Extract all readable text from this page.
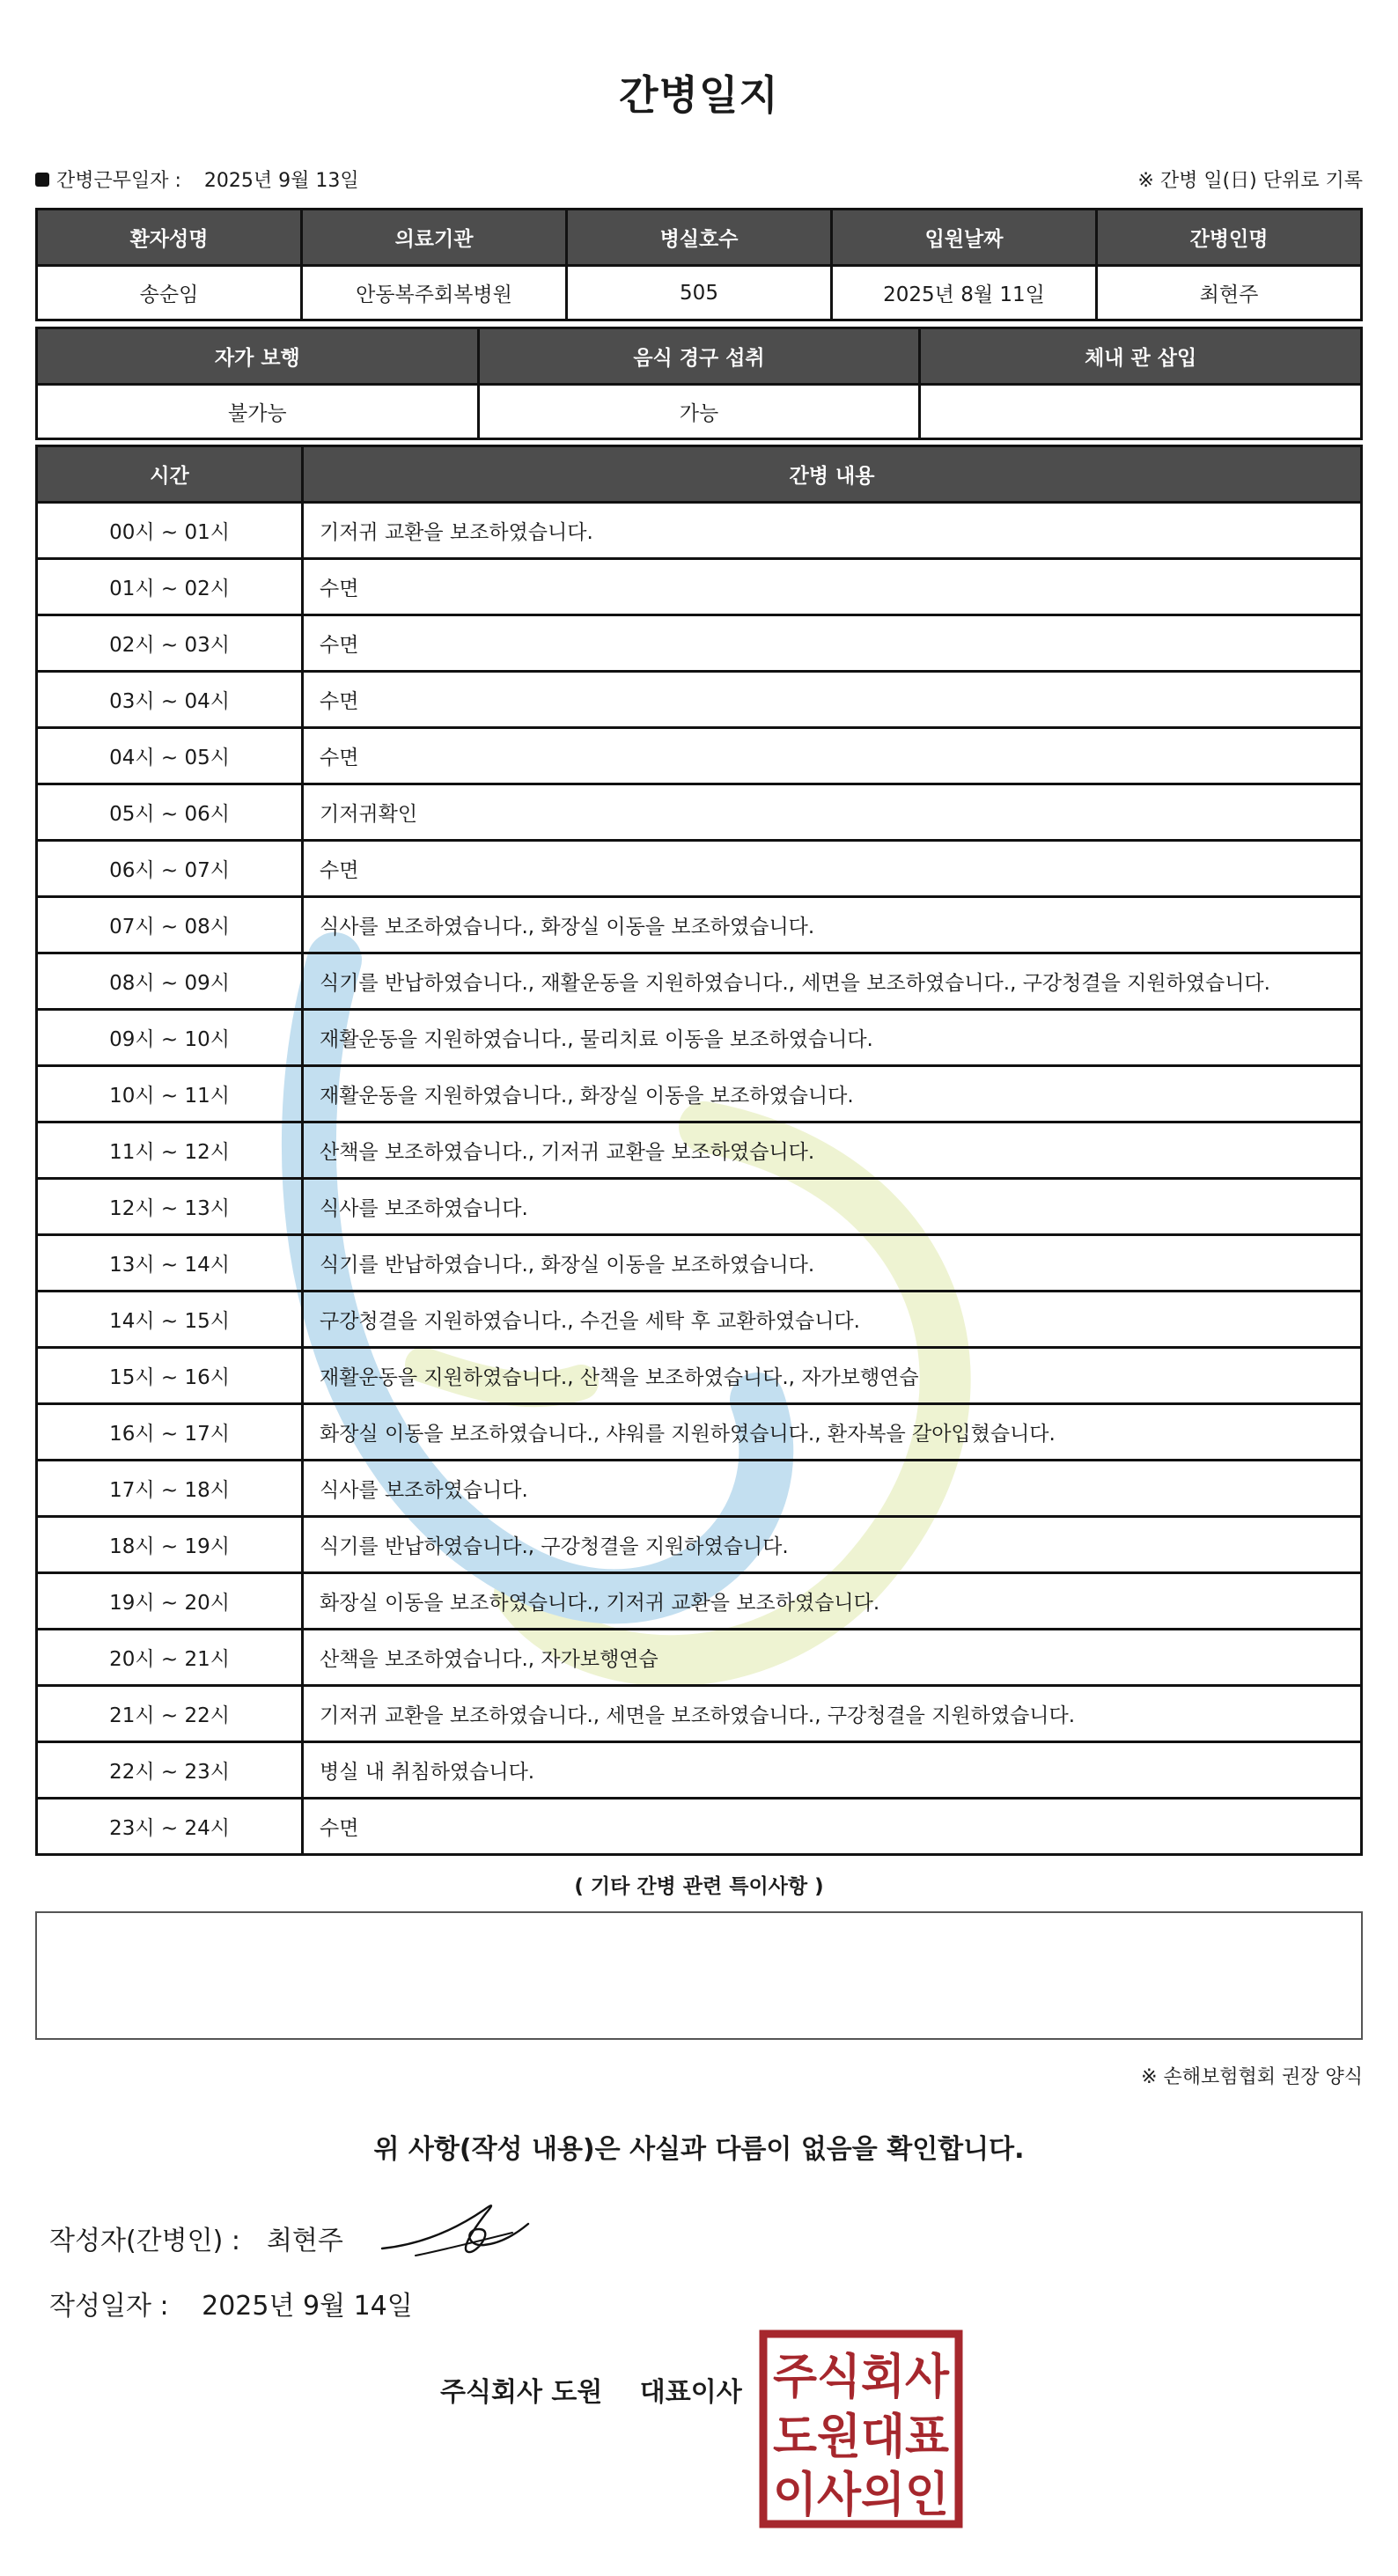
간병일지
간병근무일자 : 2025년 9월 13일	※ 간병 일(日) 단위로 기록
환자성명	의료기관	병실호수	입원날짜	간병인명
송순임	안동복주회복병원	505	2025년 8월 11일	최현주
자가 보행	음식 경구 섭취	체내 관 삽입
불가능	가능	
시간	간병 내용
00시 ~ 01시	기저귀 교환을 보조하였습니다.
01시 ~ 02시	수면
02시 ~ 03시	수면
03시 ~ 04시	수면
04시 ~ 05시	수면
05시 ~ 06시	기저귀확인
06시 ~ 07시	수면
07시 ~ 08시	식사를 보조하였습니다., 화장실 이동을 보조하였습니다.
08시 ~ 09시	식기를 반납하였습니다., 재활운동을 지원하였습니다., 세면을 보조하였습니다., 구강청결을 지원하였습니다.
09시 ~ 10시	재활운동을 지원하였습니다., 물리치료 이동을 보조하였습니다.
10시 ~ 11시	재활운동을 지원하였습니다., 화장실 이동을 보조하였습니다.
11시 ~ 12시	산책을 보조하였습니다., 기저귀 교환을 보조하였습니다.
12시 ~ 13시	식사를 보조하였습니다.
13시 ~ 14시	식기를 반납하였습니다., 화장실 이동을 보조하였습니다.
14시 ~ 15시	구강청결을 지원하였습니다., 수건을 세탁 후 교환하였습니다.
15시 ~ 16시	재활운동을 지원하였습니다., 산책을 보조하였습니다., 자가보행연습
16시 ~ 17시	화장실 이동을 보조하였습니다., 샤워를 지원하였습니다., 환자복을 갈아입혔습니다.
17시 ~ 18시	식사를 보조하였습니다.
18시 ~ 19시	식기를 반납하였습니다., 구강청결을 지원하였습니다.
19시 ~ 20시	화장실 이동을 보조하였습니다., 기저귀 교환을 보조하였습니다.
20시 ~ 21시	산책을 보조하였습니다., 자가보행연습
21시 ~ 22시	기저귀 교환을 보조하였습니다., 세면을 보조하였습니다., 구강청결을 지원하였습니다.
22시 ~ 23시	병실 내 취침하였습니다.
23시 ~ 24시	수면
( 기타 간병 관련 특이사항 )
※ 손해보험협회 권장 양식
위 사항(작성 내용)은 사실과 다름이 없음을 확인합니다.
작성자(간병인) : 최현주
작성일자 : 2025년 9월 14일
주식회사 도원 대표이사 주식회사
도원대표
이사의인
